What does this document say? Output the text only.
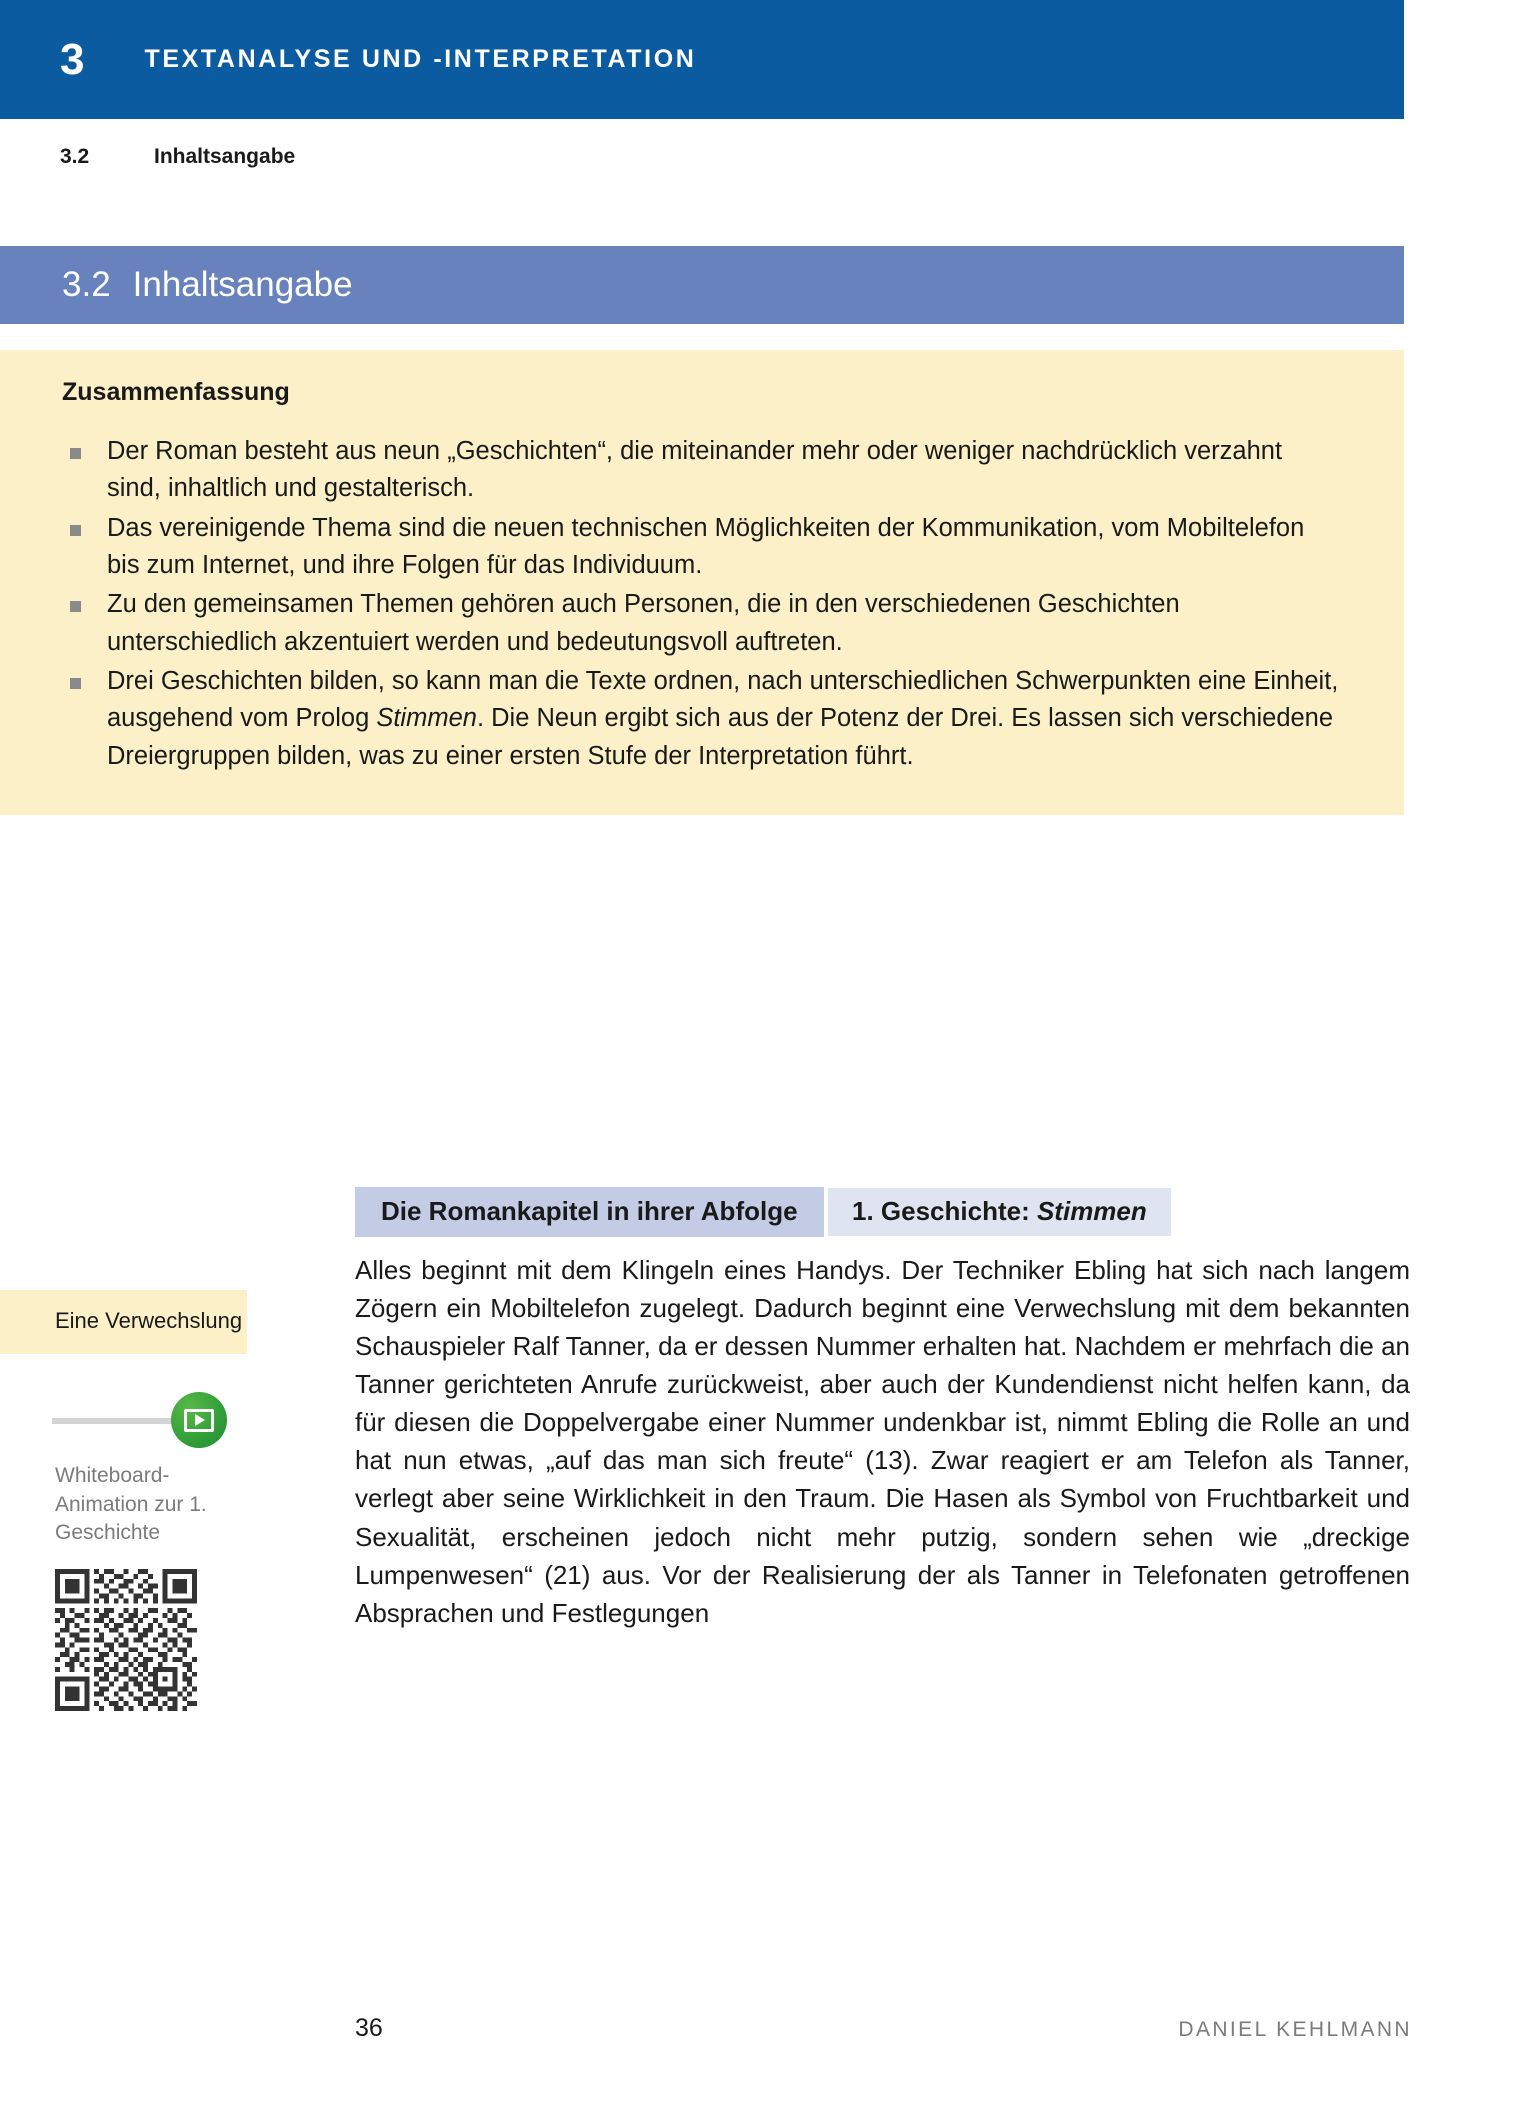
3 TEXTANALYSE UND -INTERPRETATION
3.2	Inhaltsangabe
3.2 Inhaltsangabe
Zusammenfassung
Der Roman besteht aus neun „Geschichten“, die miteinander mehr oder weniger nachdrücklich verzahnt sind, inhaltlich und gestalterisch.
Das vereinigende Thema sind die neuen technischen Möglichkeiten der Kommunikation, vom Mobiltelefon bis zum Internet, und ihre Folgen für das Individuum.
Zu den gemeinsamen Themen gehören auch Personen, die in den verschiedenen Geschichten unterschiedlich akzentuiert werden und bedeutungsvoll auftreten.
Drei Geschichten bilden, so kann man die Texte ordnen, nach unterschiedlichen Schwerpunkten eine Einheit, ausgehend vom Prolog Stimmen. Die Neun ergibt sich aus der Potenz der Drei. Es lassen sich verschiedene Dreiergruppen bilden, was zu einer ersten Stufe der Interpretation führt.
Eine Verwechslung
Whiteboard-Animation zur 1. Geschichte
Die Romankapitel in ihrer Abfolge 1. Geschichte: Stimmen

Alles beginnt mit dem Klingeln eines Handys. Der Techniker Ebling hat sich nach langem Zögern ein Mobiltelefon zugelegt. Dadurch beginnt eine Verwechslung mit dem bekannten Schauspieler Ralf Tanner, da er dessen Nummer erhalten hat. Nachdem er mehrfach die an Tanner gerichteten Anrufe zurückweist, aber auch der Kundendienst nicht helfen kann, da für diesen die Doppelvergabe einer Nummer undenkbar ist, nimmt Ebling die Rolle an und hat nun etwas, „auf das man sich freute“ (13). Zwar reagiert er am Telefon als Tanner, verlegt aber seine Wirklichkeit in den Traum. Die Hasen als Symbol von Fruchtbarkeit und Sexualität, erscheinen jedoch nicht mehr putzig, sondern sehen wie „dreckige Lumpenwesen“ (21) aus. Vor der Realisierung der als Tanner in Telefonaten getroffenen Absprachen und Festlegungen

36	DANIEL KEHLMANN
